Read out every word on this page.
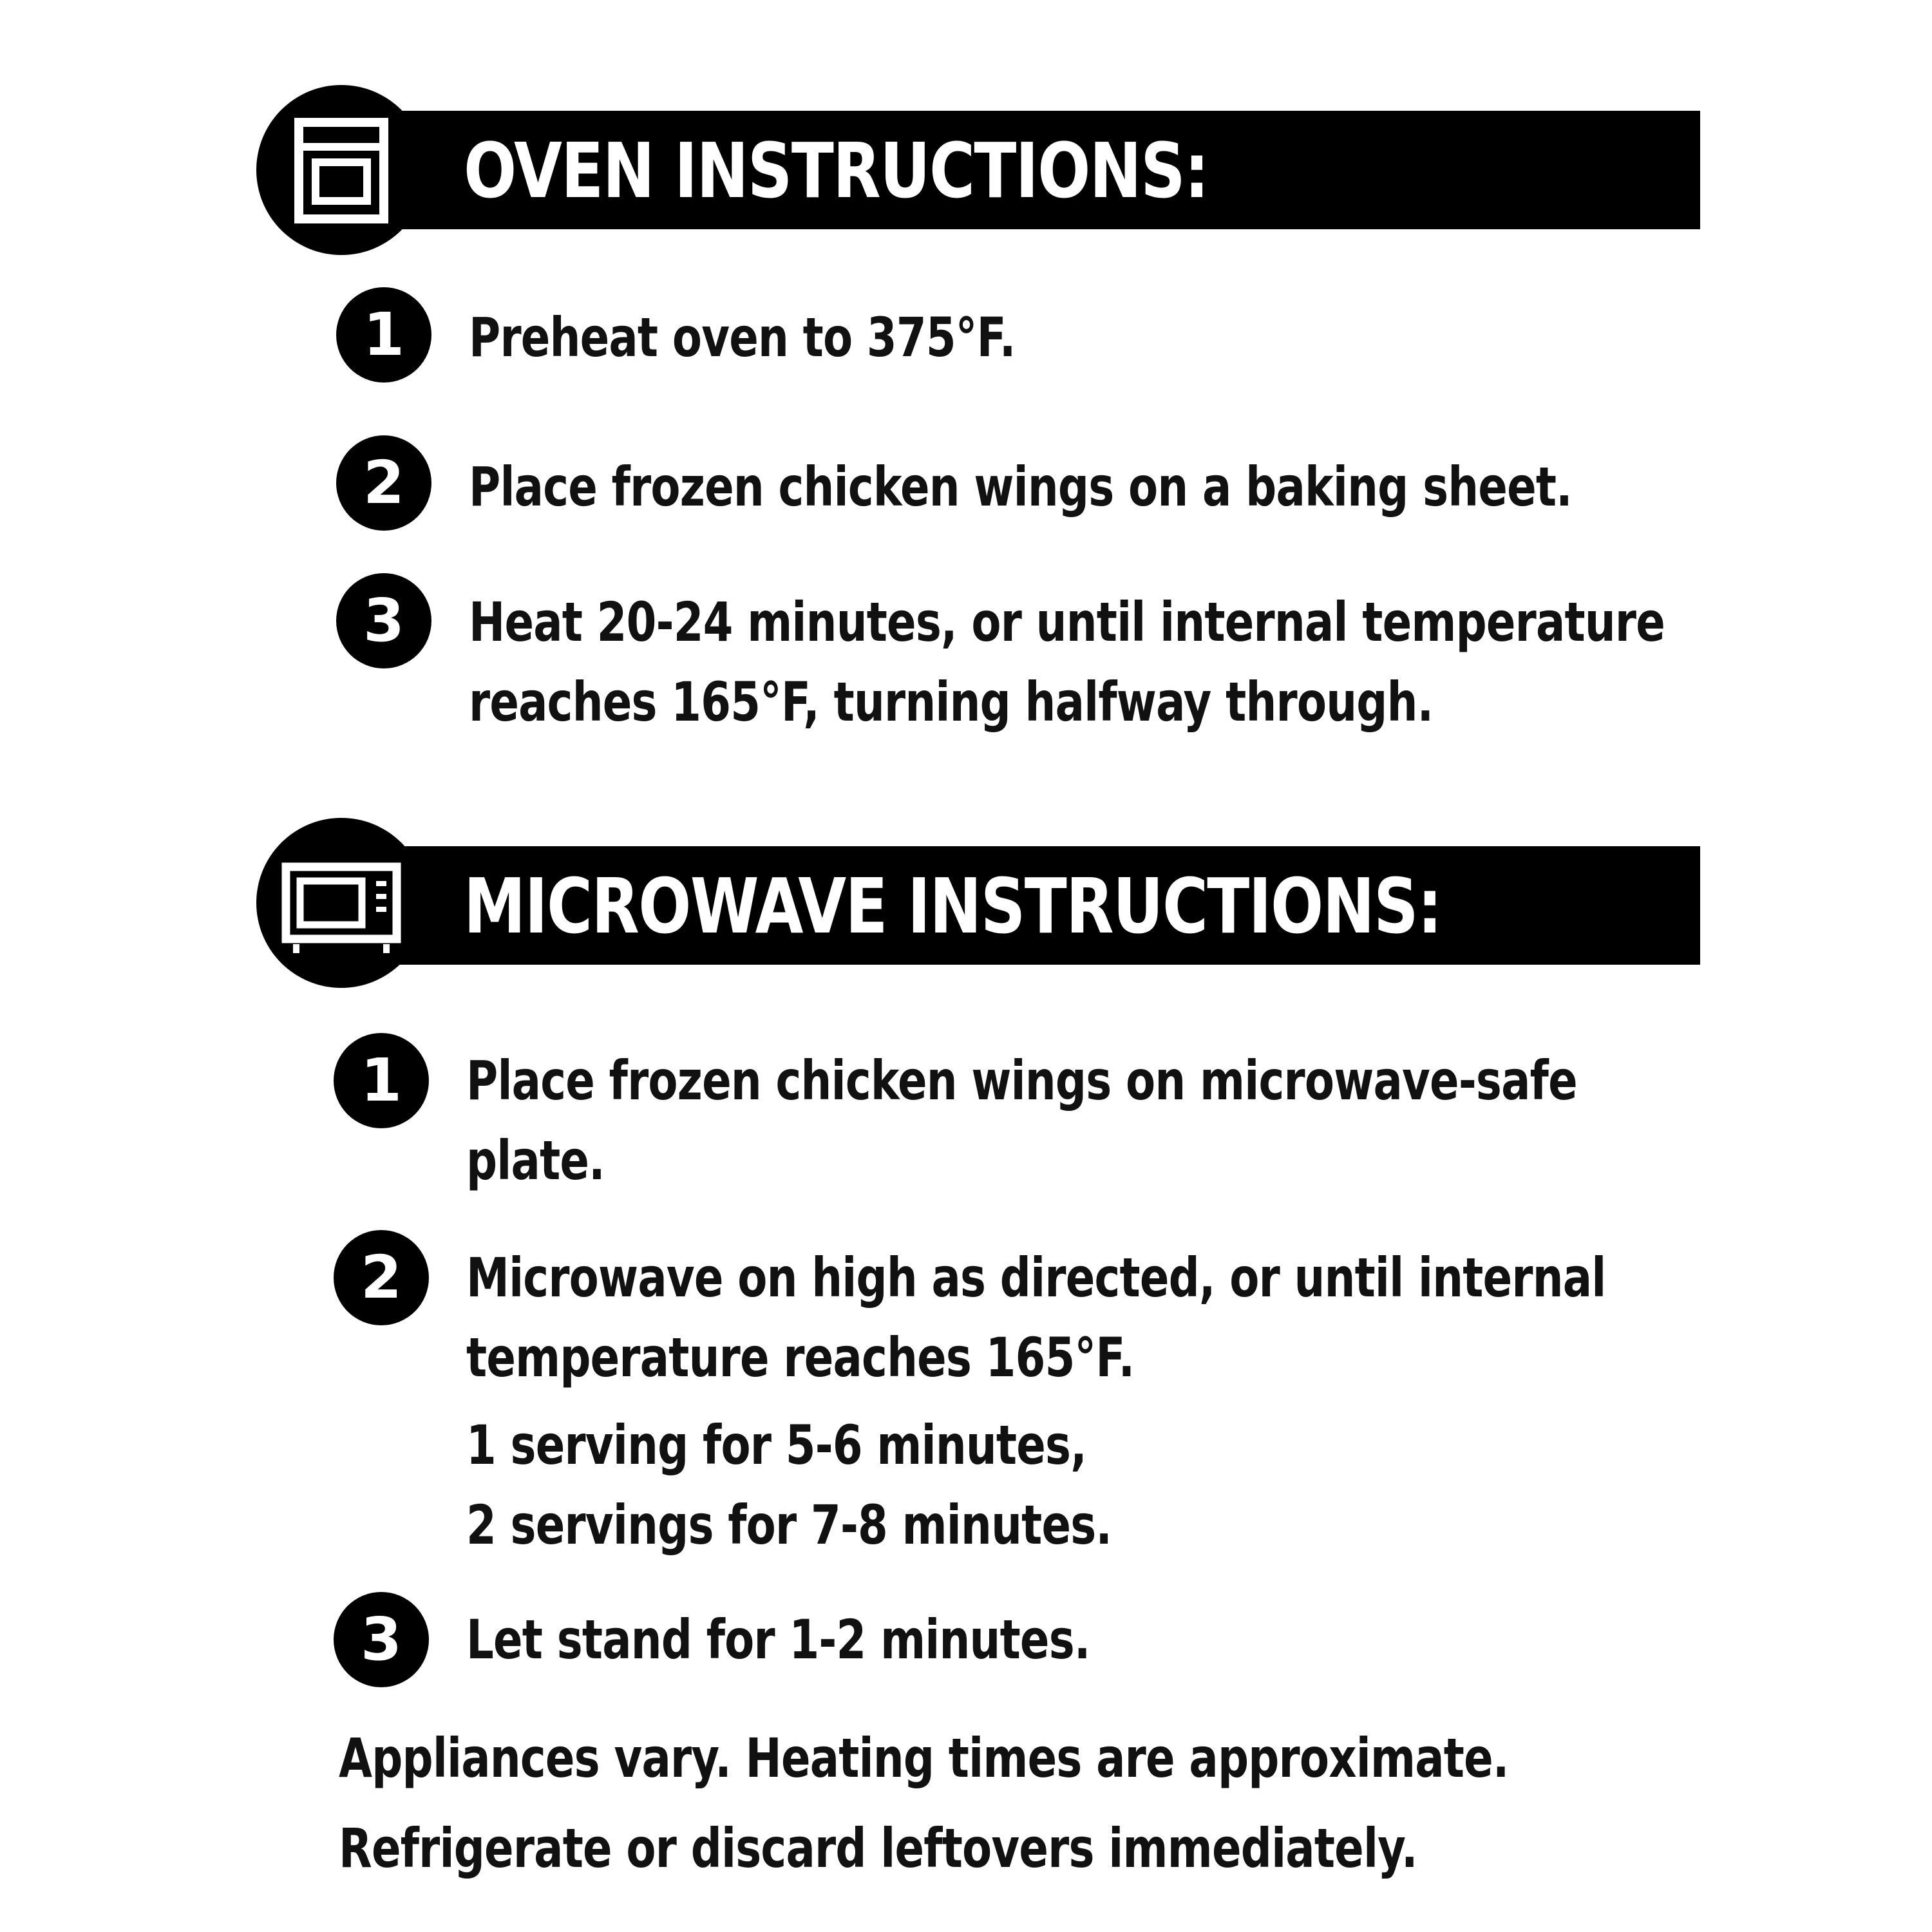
OVEN INSTRUCTIONS:
1	Preheat oven to 375°F.
2	Place frozen chicken wings on a baking sheet.
3	Heat 20-24 minutes, or until internal temperature
reaches 165°F, turning halfway through.
MICROWAVE INSTRUCTIONS:
1	Place frozen chicken wings on microwave-safe
plate.
2	Microwave on high as directed, or until internal
temperature reaches 165°F.
1 serving for 5-6 minutes,
2 servings for 7-8 minutes.
3	Let stand for 1-2 minutes.
Appliances vary. Heating times are approximate.
Refrigerate or discard leftovers immediately.
